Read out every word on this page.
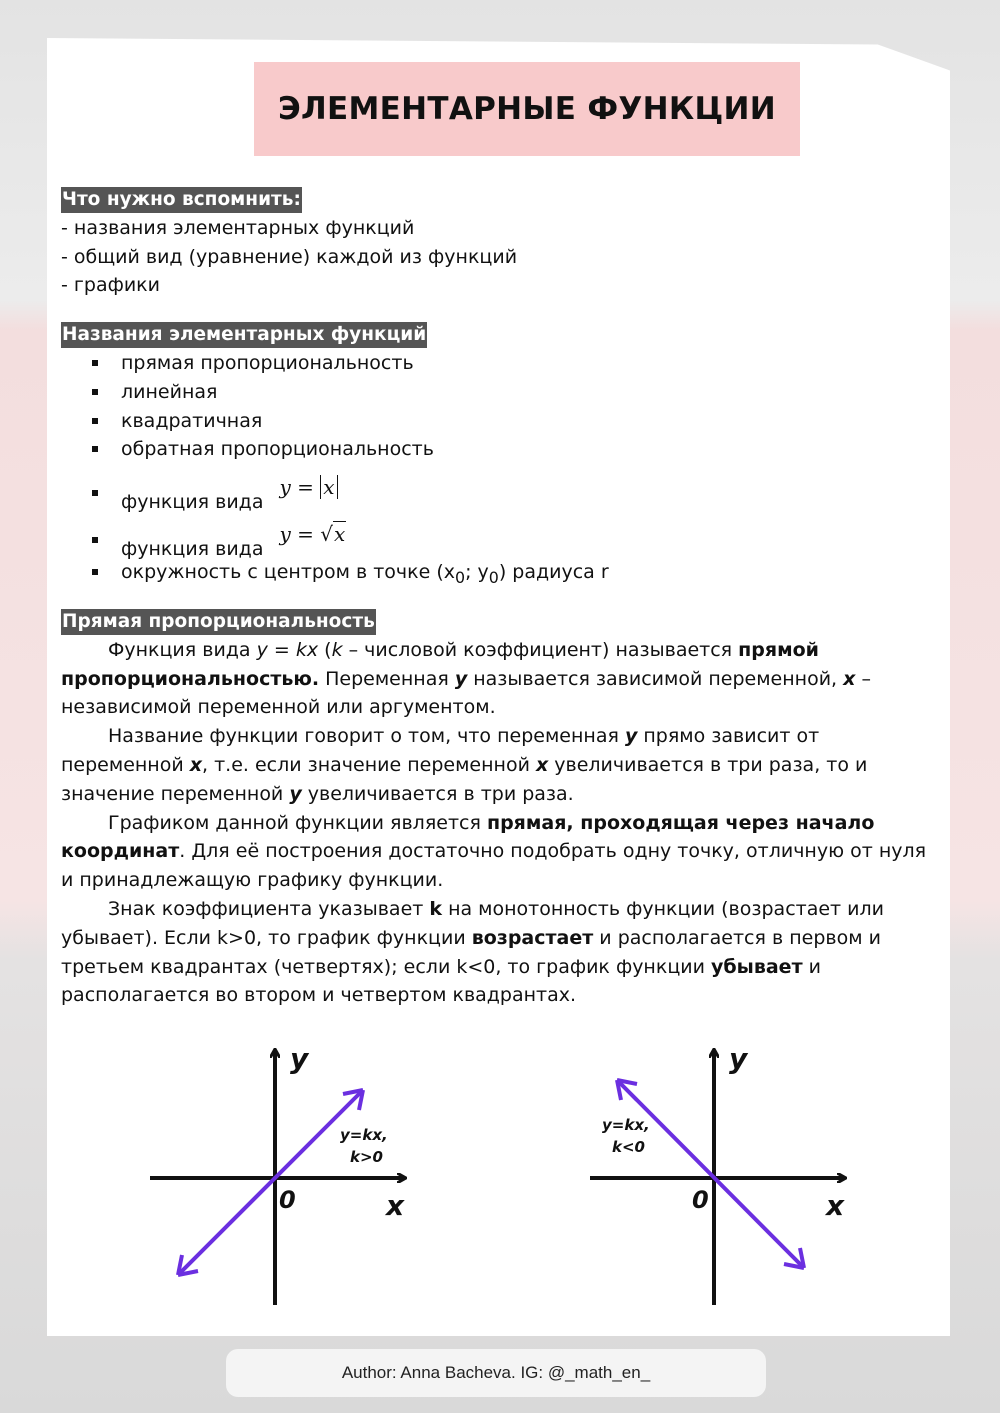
ЭЛЕМЕНТАРНЫЕ ФУНКЦИИ
Что нужно вспомнить:
- названия элементарных функций
- общий вид (уравнение) каждой из функций
- графики
Названия элементарных функций
прямая пропорциональность
линейная
квадратичная
обратная пропорциональность
функция вида y = x
функция вида y = √x
окружность с центром в точке ($x_0$; $y_0$) радиуса r
Прямая пропорциональность

Функция вида y = kx (k – числовой коэффициент) называется прямой пропорциональностью. Переменная y называется зависимой переменной, x – независимой переменной или аргументом.

Название функции говорит о том, что переменная y прямо зависит от переменной x, т.е. если значение переменной x увеличивается в три раза, то и значение переменной y увеличивается в три раза.

Графиком данной функции является прямая, проходящая через начало координат. Для её построения достаточно подобрать одну точку, отличную от нуля и принадлежащую графику функции.

Знак коэффициента указывает k на монотонность функции (возрастает или убывает). Если k>0, то график функции возрастает и располагается в первом и третьем квадрантах (четвертях); если k<0, то график функции убывает и располагается во втором и четвертом квадрантах.

y
x
0
y=kx,
k>0
y
x
0
y=kx,
k<0
Author: Anna Bacheva. IG: @_math_en_
